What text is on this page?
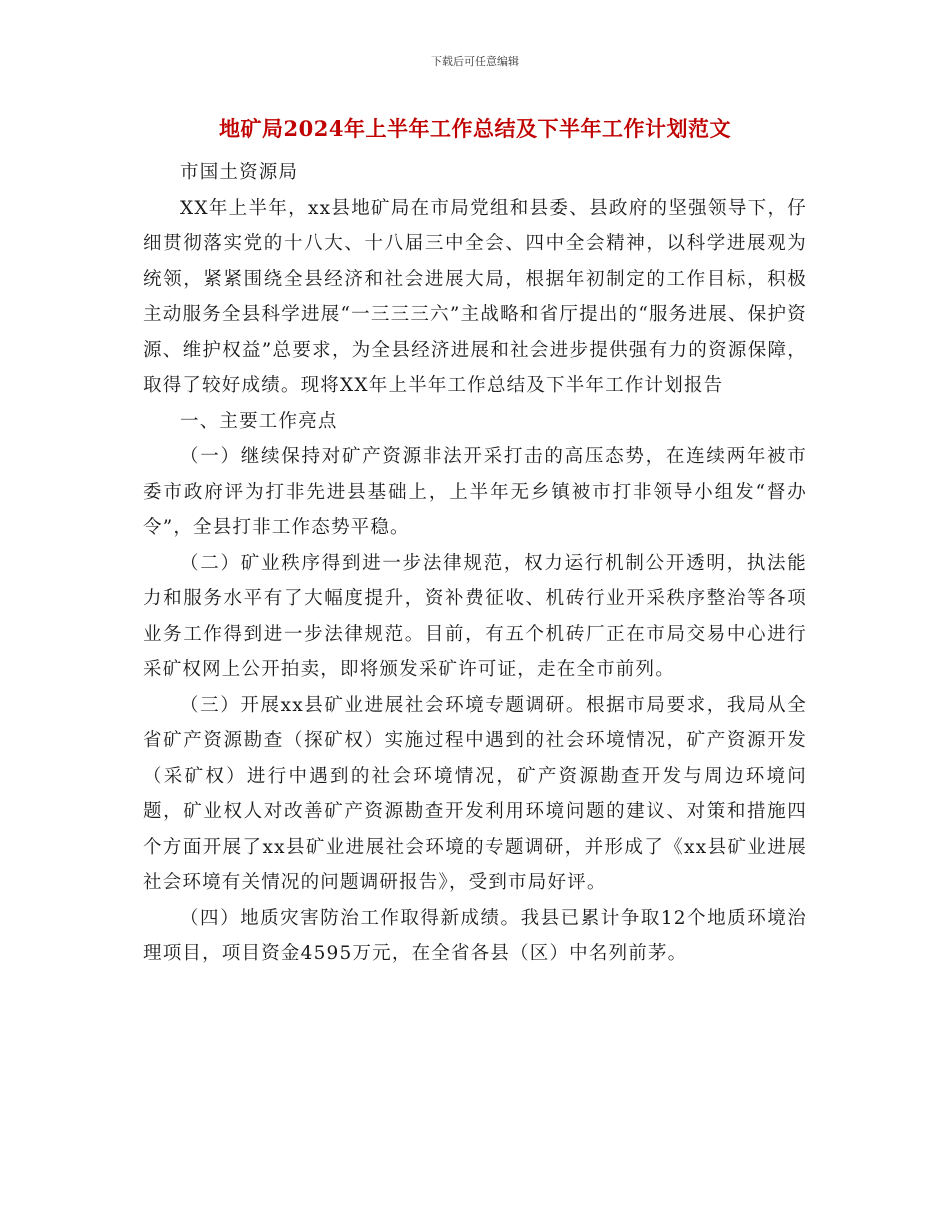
下载后可任意编辑
地矿局2024年上半年工作总结及下半年工作计划范文

市国土资源局

XX年上半年，xx县地矿局在市局党组和县委、县政府的坚强领导下，仔细贯彻落实党的十八大、十八届三中全会、四中全会精神，以科学进展观为统领，紧紧围绕全县经济和社会进展大局，根据年初制定的工作目标，积极主动服务全县科学进展“一三三三六”主战略和省厅提出的“服务进展、保护资源、维护权益”总要求，为全县经济进展和社会进步提供强有力的资源保障，取得了较好成绩。现将XX年上半年工作总结及下半年工作计划报告

一、主要工作亮点

（一）继续保持对矿产资源非法开采打击的高压态势，在连续两年被市委市政府评为打非先进县基础上，上半年无乡镇被市打非领导小组发“督办令”，全县打非工作态势平稳。

（二）矿业秩序得到进一步法律规范，权力运行机制公开透明，执法能力和服务水平有了大幅度提升，资补费征收、机砖行业开采秩序整治等各项业务工作得到进一步法律规范。目前，有五个机砖厂正在市局交易中心进行采矿权网上公开拍卖，即将颁发采矿许可证，走在全市前列。

（三）开展xx县矿业进展社会环境专题调研。根据市局要求，我局从全省矿产资源勘查（探矿权）实施过程中遇到的社会环境情况，矿产资源开发（采矿权）进行中遇到的社会环境情况，矿产资源勘查开发与周边环境问题，矿业权人对改善矿产资源勘查开发利用环境问题的建议、对策和措施四个方面开展了xx县矿业进展社会环境的专题调研，并形成了《xx县矿业进展社会环境有关情况的问题调研报告》，受到市局好评。

（四）地质灾害防治工作取得新成绩。我县已累计争取12个地质环境治理项目，项目资金4595万元，在全省各县（区）中名列前茅。
